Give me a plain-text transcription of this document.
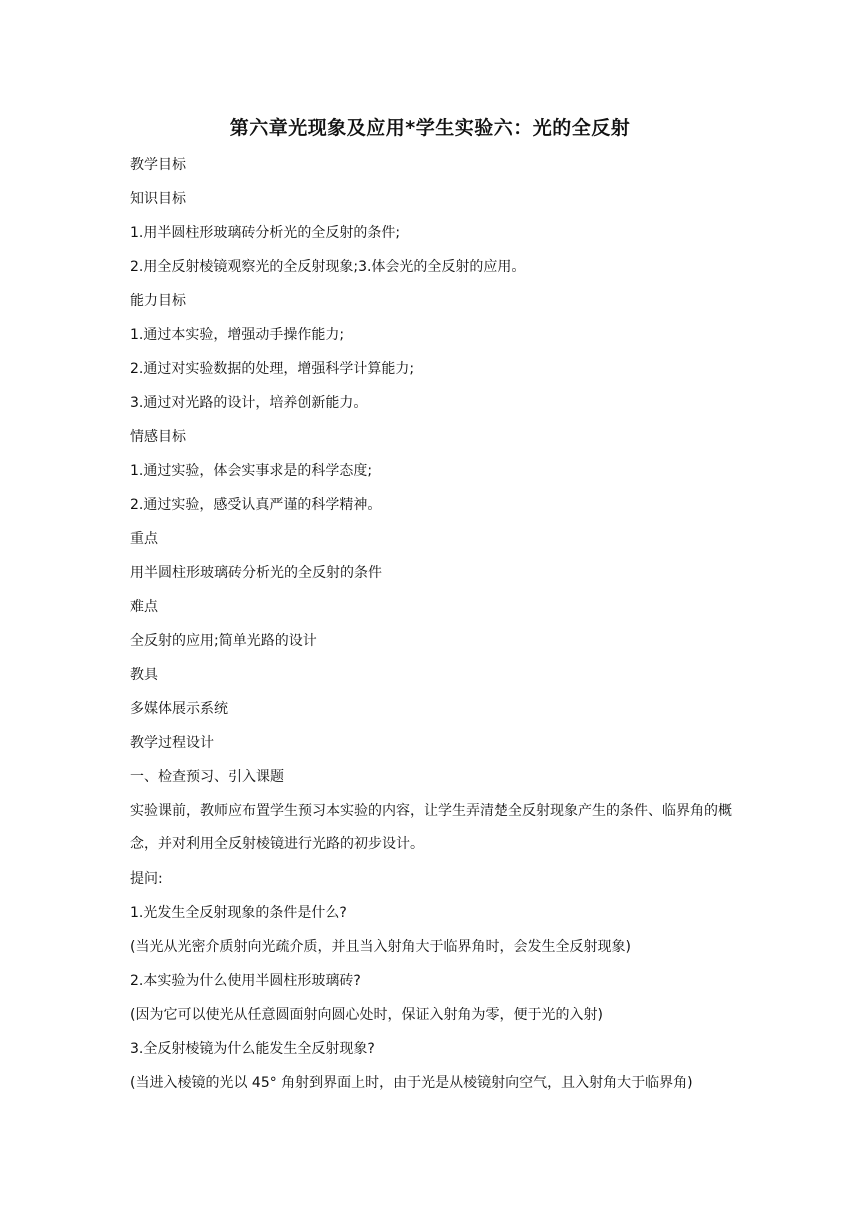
第六章光现象及应用*学生实验六：光的全反射

教学目标

知识目标

1.用半圆柱形玻璃砖分析光的全反射的条件;

2.用全反射棱镜观察光的全反射现象;3.体会光的全反射的应用。

能力目标

1.通过本实验，增强动手操作能力;

2.通过对实验数据的处理，增强科学计算能力;

3.通过对光路的设计，培养创新能力。

情感目标

1.通过实验，体会实事求是的科学态度;

2.通过实验，感受认真严谨的科学精神。

重点

用半圆柱形玻璃砖分析光的全反射的条件

难点

全反射的应用;简单光路的设计

教具

多媒体展示系统

教学过程设计

一、检查预习、引入课题

实验课前，教师应布置学生预习本实验的内容，让学生弄清楚全反射现象产生的条件、临界角的概念，并对利用全反射棱镜进行光路的初步设计。

提问:

1.光发生全反射现象的条件是什么?

(当光从光密介质射向光疏介质，并且当入射角大于临界角时，会发生全反射现象)

2.本实验为什么使用半圆柱形玻璃砖?

(因为它可以使光从任意圆面射向圆心处时，保证入射角为零，便于光的入射)

3.全反射棱镜为什么能发生全反射现象?

(当进入棱镜的光以 45° 角射到界面上时，由于光是从棱镜射向空气，且入射角大于临界角)
